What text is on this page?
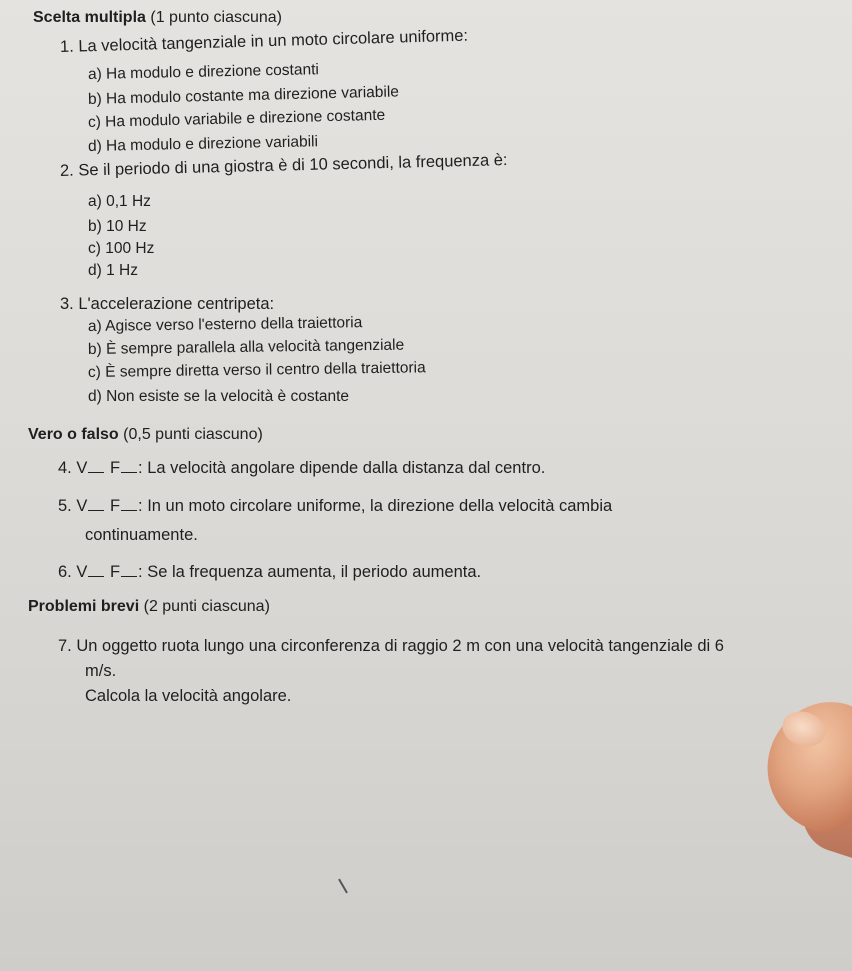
Scelta multipla (1 punto ciascuna)
1. La velocità tangenziale in un moto circolare uniforme:
a) Ha modulo e direzione costanti
b) Ha modulo costante ma direzione variabile
c) Ha modulo variabile e direzione costante
d) Ha modulo e direzione variabili
2. Se il periodo di una giostra è di 10 secondi, la frequenza è:
a) 0,1 Hz
b) 10 Hz
c) 100 Hz
d) 1 Hz
3. L'accelerazione centripeta:
a) Agisce verso l'esterno della traiettoria
b) È sempre parallela alla velocità tangenziale
c) È sempre diretta verso il centro della traiettoria
d) Non esiste se la velocità è costante
Vero o falso (0,5 punti ciascuno)
4. V F : La velocità angolare dipende dalla distanza dal centro.
5. V F : In un moto circolare uniforme, la direzione della velocità cambia
continuamente.
6. V F : Se la frequenza aumenta, il periodo aumenta.
Problemi brevi (2 punti ciascuna)
7. Un oggetto ruota lungo una circonferenza di raggio 2 m con una velocità tangenziale di 6
m/s.
Calcola la velocità angolare.
